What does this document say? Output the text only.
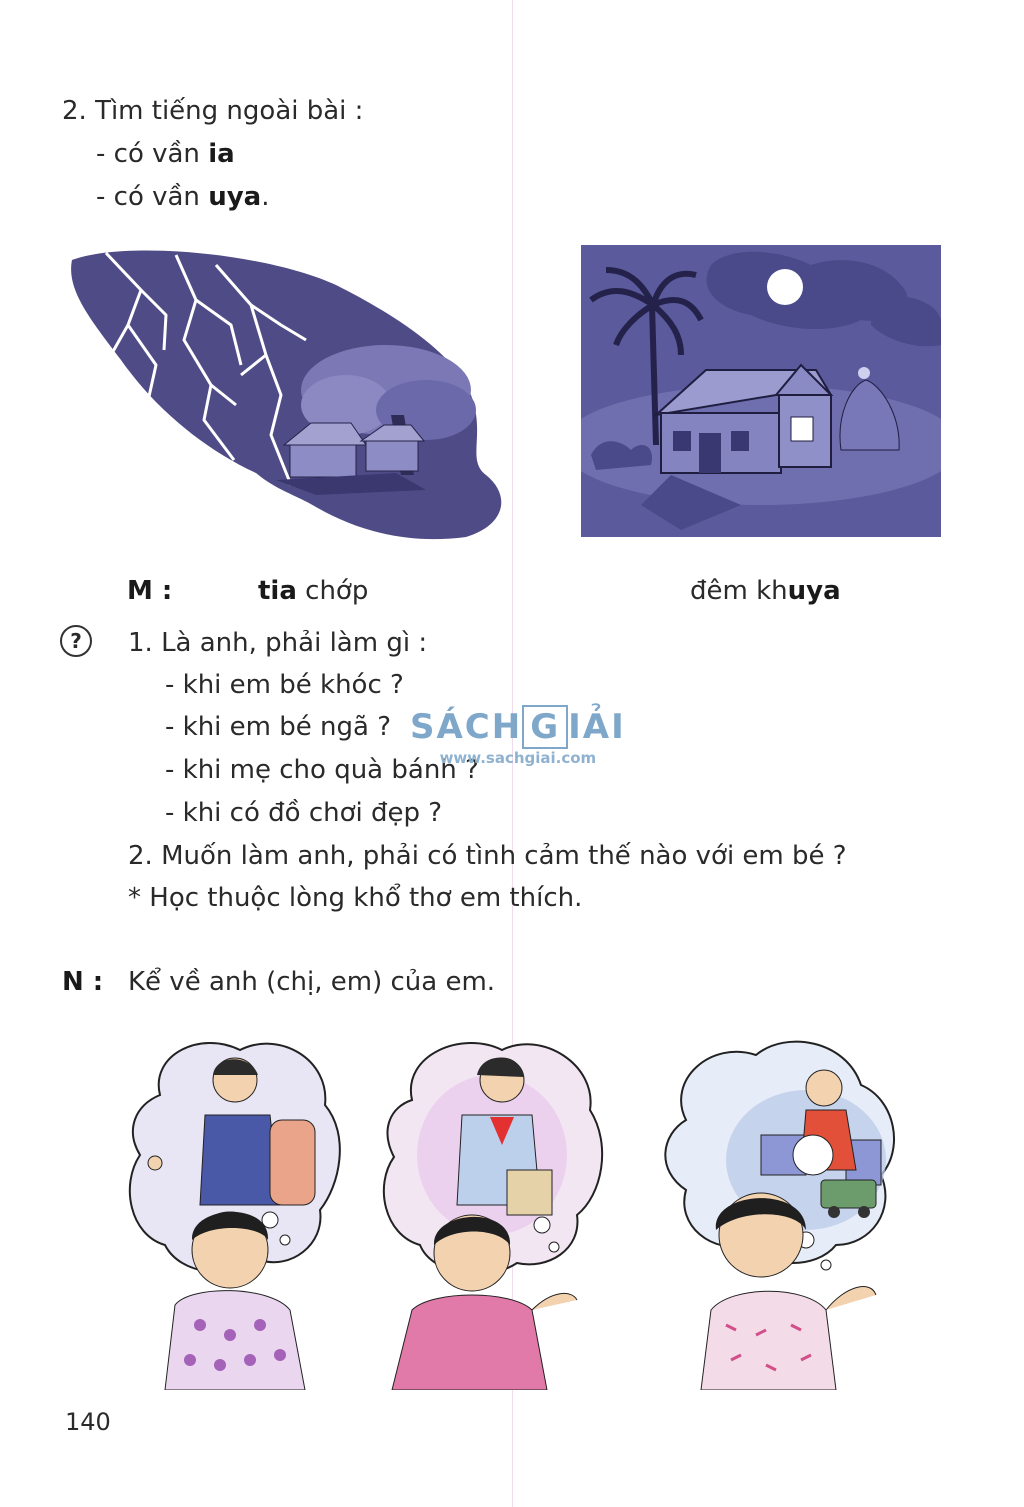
2. Tìm tiếng ngoài bài :
- có vần ia
- có vần uya.
M :	tia chớp	đêm khuya
?	1. Là anh, phải làm gì :
- khi em bé khóc ?
- khi em bé ngã ?
- khi mẹ cho quà bánh ?
- khi có đồ chơi đẹp ?
2. Muốn làm anh, phải có tình cảm thế nào với em bé ?
* Học thuộc lòng khổ thơ em thích.
SÁCH G IẢI
www.sachgiai.com
N : Kể về anh (chị, em) của em.
140
